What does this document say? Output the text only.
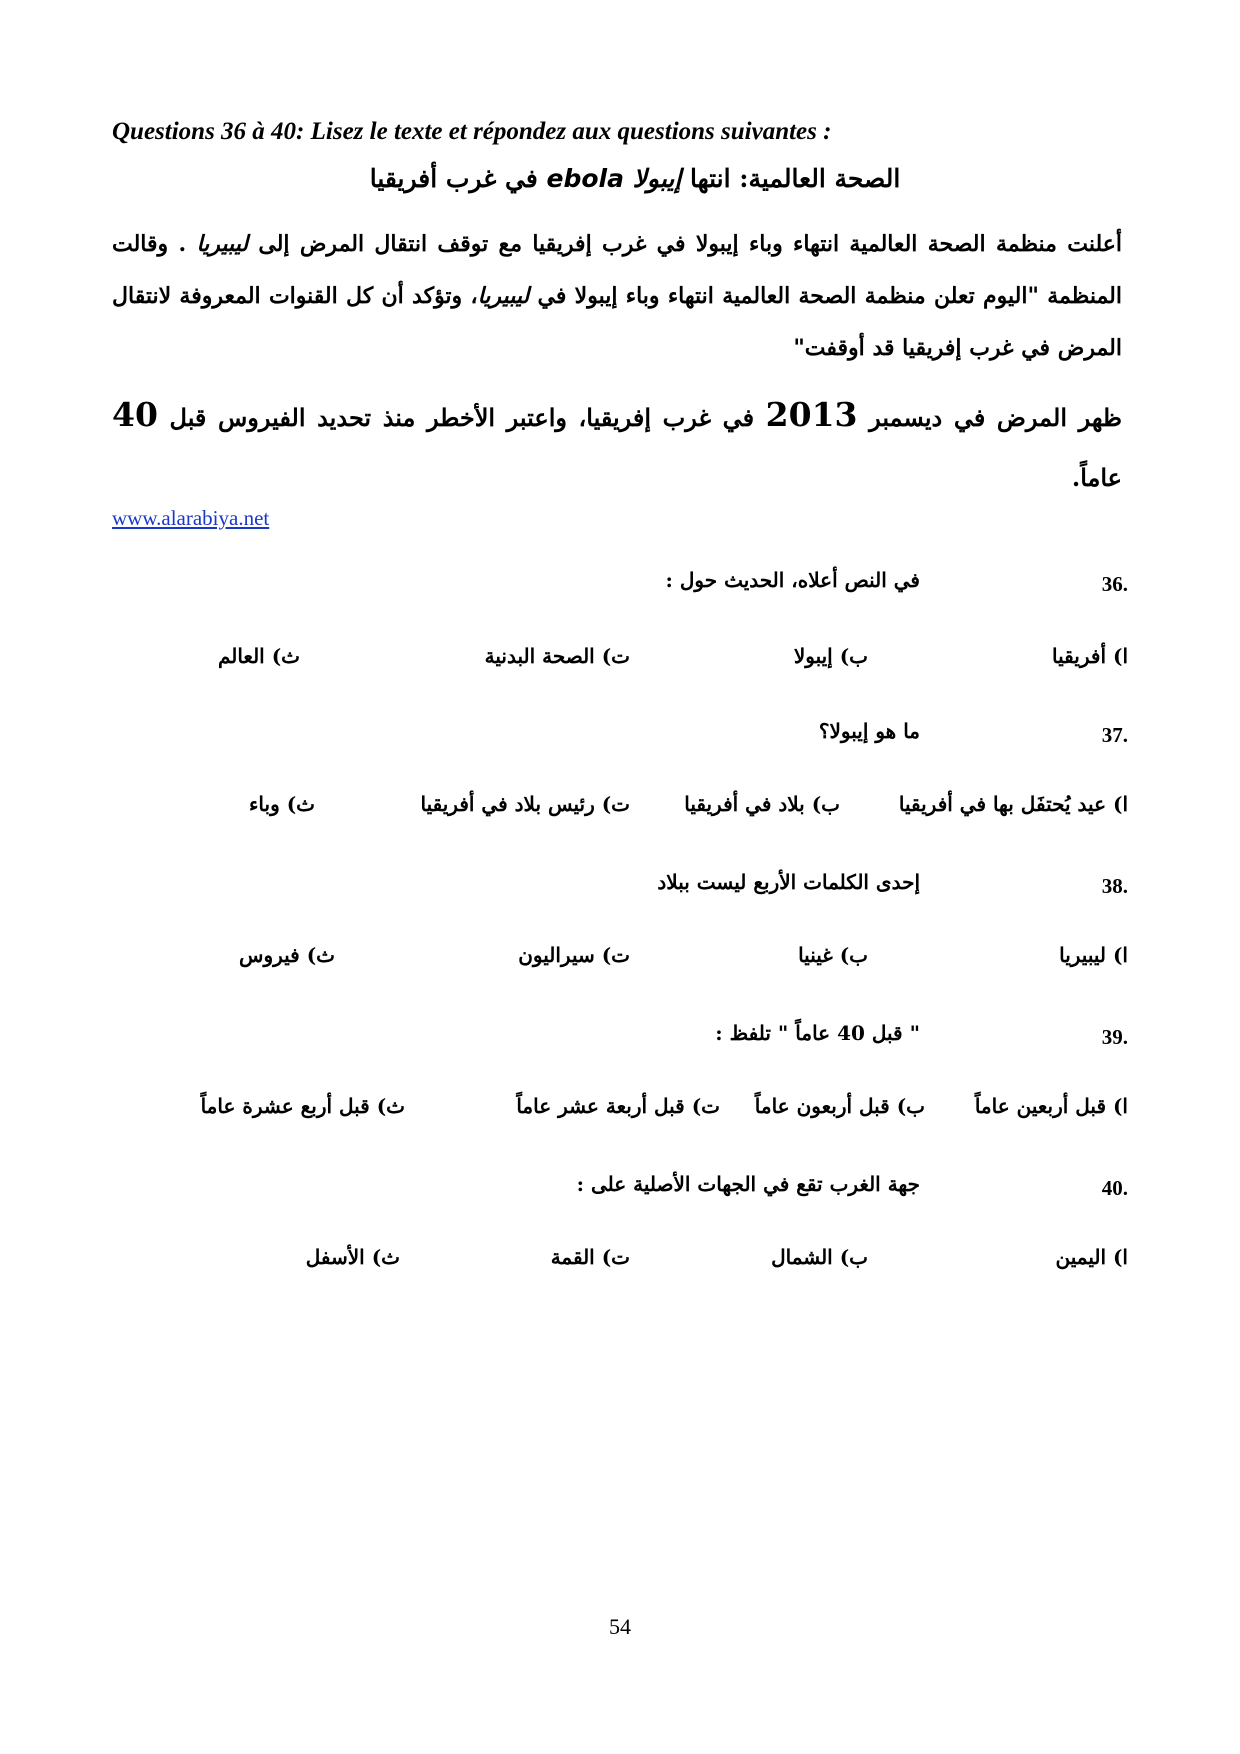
Questions 36 à 40: Lisez le texte et répondez aux questions suivantes :
الصحة العالمية: انتها إيبولا ebola في غرب أفريقيا
أعلنت منظمة الصحة العالمية انتهاء وباء إيبولا في غرب إفريقيا مع توقف انتقال المرض إلى ليبيريا . وقالت المنظمة "اليوم تعلن منظمة الصحة العالمية انتهاء وباء إيبولا في ليبيريا، وتؤكد أن كل القنوات المعروفة لانتقال المرض في غرب إفريقيا قد أوقفت"
ظهر المرض في ديسمبر 2013 في غرب إفريقيا، واعتبر الأخطر منذ تحديد الفيروس قبل 40 عاماً.
www.alarabiya.net
36.
في النص أعلاه، الحديث حول :
ا) أفريقيا
ب) إيبولا
ت) الصحة البدنية
ث) العالم
37.
ما هو إيبولا؟
ا) عيد يُحتفَل بها في أفريقيا
ب) بلاد في أفريقيا
ت) رئيس بلاد في أفريقيا
ث) وباء
38.
إحدى الكلمات الأربع ليست ببلاد
ا) ليبيريا
ب) غينيا
ت) سيراليون
ث) فيروس
39.
" قبل 40 عاماً " تلفظ :
ا) قبل أربعين عاماً
ب) قبل أربعون عاماً
ت) قبل أربعة عشر عاماً
ث) قبل أربع عشرة عاماً
40.
جهة الغرب تقع في الجهات الأصلية على :
ا) اليمين
ب) الشمال
ت) القمة
ث) الأسفل
54
